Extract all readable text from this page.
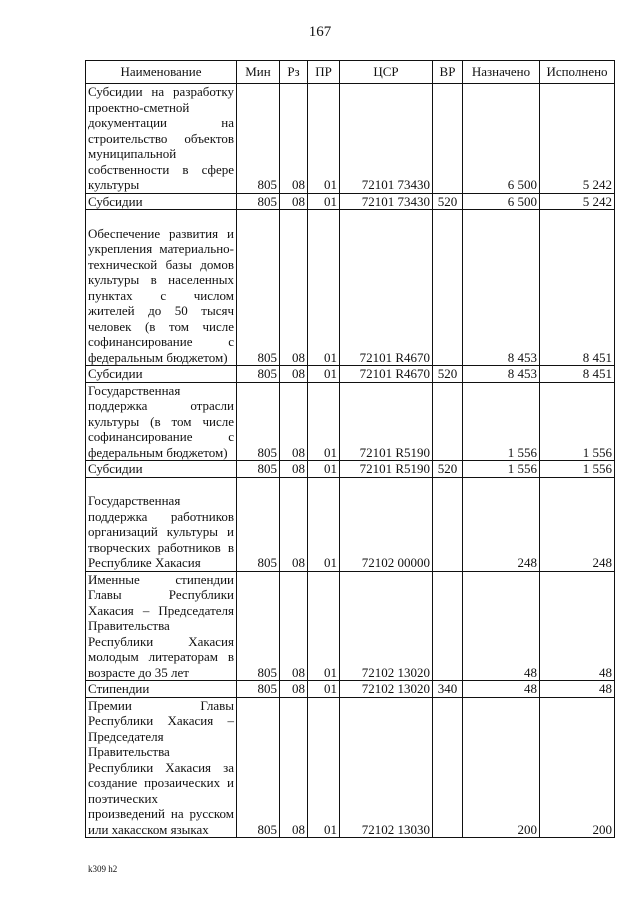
167
Наименование	Мин	Рз	ПР	ЦСР	ВР	Назначено	Исполнено
Субсидии на разработку проектно-сметной документации на строительство объектов муниципальной собственности в сфере культуры	805	08	01	72101 73430		6 500	5 242
Субсидии	805	08	01	72101 73430	520	6 500	5 242
Обеспечение развития и укрепления материально-технической базы домов культуры в населенных пунктах с числом жителей до 50 тысяч человек (в том числе софинансирование с федеральным бюджетом)	805	08	01	72101 R4670		8 453	8 451
Субсидии	805	08	01	72101 R4670	520	8 453	8 451
Государственная поддержка отрасли культуры (в том числе софинансирование с федеральным бюджетом)	805	08	01	72101 R5190		1 556	1 556
Субсидии	805	08	01	72101 R5190	520	1 556	1 556
Государственная поддержка работников организаций культуры и творческих работников в Республике Хакасия	805	08	01	72102 00000		248	248
Именные стипендии Главы Республики Хакасия – Председателя Правительства Республики Хакасия молодым литераторам в возрасте до 35 лет	805	08	01	72102 13020		48	48
Стипендии	805	08	01	72102 13020	340	48	48
Премии Главы Республики Хакасия – Председателя Правительства Республики Хакасия за создание прозаических и поэтических произведений на русском или хакасском языках	805	08	01	72102 13030		200	200
k309 h2
